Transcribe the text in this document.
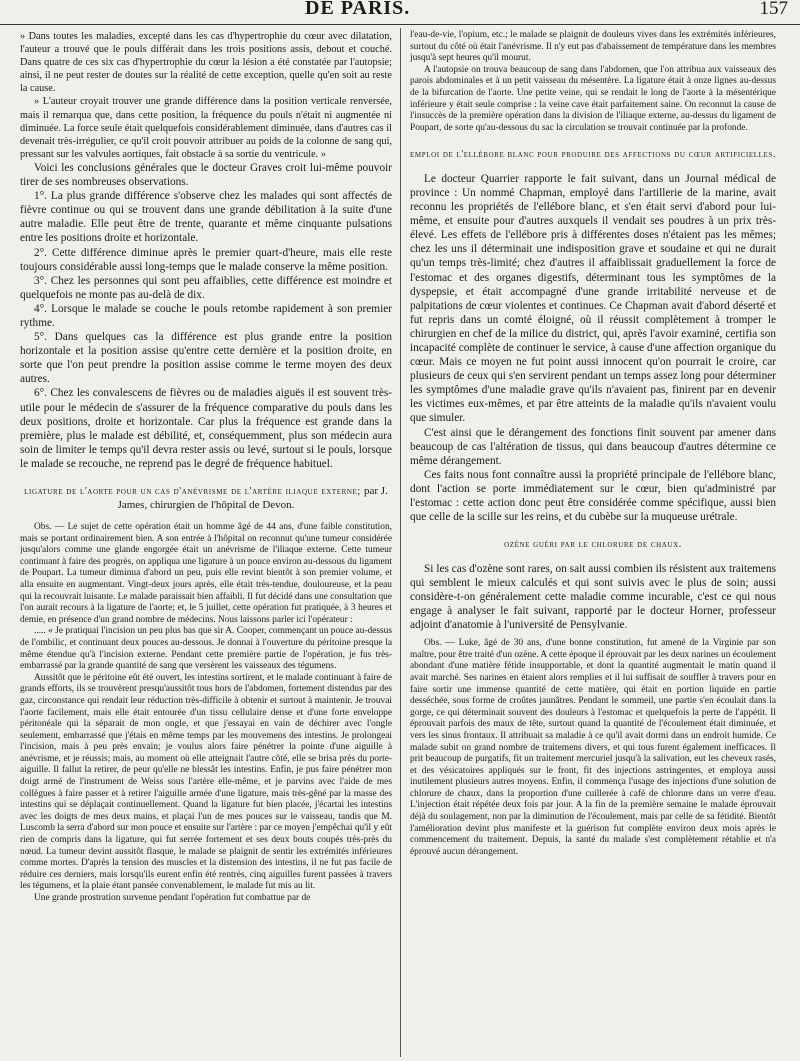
DE PARIS.	157

» Dans toutes les maladies, excepté dans les cas d'hypertrophie du cœur avec dilatation, l'auteur a trouvé que le pouls différait dans les trois positions assis, debout et couché. Dans quatre de ces six cas d'hypertrophie du cœur la lésion a été constatée par l'autopsie; ainsi, il ne peut rester de doutes sur la réalité de cette exception, quelle qu'en soit au reste la cause.

» L'auteur croyait trouver une grande différence dans la position verticale renversée, mais il remarqua que, dans cette position, la fréquence du pouls n'était ni augmentée ni diminuée. La force seule était quelquefois considérablement diminuée, dans d'autres cas il devenait très-irrégulier, ce qu'il croit pouvoir attribuer au poids de la colonne de sang qui, pressant sur les valvules aortiques, fait obstacle à sa sortie du ventricule. »

Voici les conclusions générales que le docteur Graves croit lui-même pouvoir tirer de ses nombreuses observations.

1°. La plus grande différence s'observe chez les malades qui sont affectés de fièvre continue ou qui se trouvent dans une grande débilitation à la suite d'une autre maladie. Elle peut être de trente, quarante et même cinquante pulsations entre les positions droite et horizontale.

2°. Cette différence diminue après le premier quart-d'heure, mais elle reste toujours considérable aussi long-temps que le malade conserve la même position.

3°. Chez les personnes qui sont peu affaiblies, cette différence est moindre et quelquefois ne monte pas au-delà de dix.

4°. Lorsque le malade se couche le pouls retombe rapidement à son premier rythme.

5°. Dans quelques cas la différence est plus grande entre la position horizontale et la position assise qu'entre cette dernière et la position droite, en sorte que l'on peut prendre la position assise comme le terme moyen des deux autres.

6°. Chez les convalescens de fièvres ou de maladies aiguës il est souvent très-utile pour le médecin de s'assurer de la fréquence comparative du pouls dans les deux positions, droite et horizontale. Car plus la fréquence est grande dans la première, plus le malade est débilité, et, conséquemment, plus son médecin aura soin de limiter le temps qu'il devra rester assis ou levé, surtout si le pouls, lorsque le malade se recouche, ne reprend pas le degré de fréquence habituel.

ligature de l'aorte pour un cas d'anévrisme de l'artère iliaque externe; par J. James, chirurgien de l'hôpital de Devon.

Obs. — Le sujet de cette opération était un homme âgé de 44 ans, d'une faible constitution, mais se portant ordinairement bien. A son entrée à l'hôpital on reconnut qu'une tumeur considérée jusqu'alors comme une glande engorgée était un anévrisme de l'iliaque externe. Cette tumeur continuant à faire des progrès, on appliqua une ligature à un pouce environ au-dessous du ligament de Poupart. La tumeur diminua d'abord un peu, puis elle revint bientôt à son premier volume, et alla ensuite en augmentant. Vingt-deux jours après, elle était très-tendue, douloureuse, et la peau qui la recouvrait luisante. Le malade paraissait bien affaibli. Il fut décidé dans une consultation que l'on aurait recours à la ligature de l'aorte; et, le 5 juillet, cette opération fut pratiquée, à 3 heures et demie, en présence d'un grand nombre de médecins. Nous laissons parler ici l'opérateur :

..... « Je pratiquai l'incision un peu plus bas que sir A. Cooper, commençant un pouce au-dessus de l'ombilic, et continuant deux pouces au-dessous. Je donnai à l'ouverture du péritoine presque la même étendue qu'à l'incision externe. Pendant cette première partie de l'opération, je fus très-embarrassé par la grande quantité de sang que versèrent les vaisseaux des tégumens.

Aussitôt que le péritoine eût été ouvert, les intestins sortirent, et le malade continuant à faire de grands efforts, ils se trouvèrent presqu'aussitôt tous hors de l'abdomen, fortement distendus par des gaz, circonstance qui rendait leur réduction très-difficile à obtenir et surtout à maintenir. Je trouvai l'aorte facilement, mais elle était entourée d'un tissu cellulaire dense et d'une forte enveloppe péritonéale qui la séparait de mon ongle, et que j'essayai en vain de déchirer avec l'ongle seulement, embarrassé que j'étais en même temps par les mouvemens des intestins. Je prolongeai l'incision, mais à peu près envain; je voulus alors faire pénétrer la pointe d'une aiguille à anévrisme, et je réussis; mais, au moment où elle atteignait l'autre côté, elle se brisa près du porte-aiguille. Il fallut la retirer, de peur qu'elle ne blessât les intestins. Enfin, je pus faire pénétrer mon doigt armé de l'instrument de Weiss sous l'artère elle-même, et je parvins avec l'aide de mes collègues à faire passer et à retirer l'aiguille armée d'une ligature, mais très-gêné par la masse des intestins qui se déplaçait continuellement. Quand la ligature fut bien placée, j'écartai les intestins avec les doigts de mes deux mains, et plaçai l'un de mes pouces sur le vaisseau, tandis que M. Luscomb la serra d'abord sur mon pouce et ensuite sur l'artère : par ce moyen j'empêchai qu'il y eût rien de compris dans la ligature, qui fut serrée fortement et ses deux bouts coupés très-près du nœud. La tumeur devint aussitôt flasque, le malade se plaignit de sentir les extrémités inférieures comme mortes. D'après la tension des muscles et la distension des intestins, il ne fut pas facile de réduire ces derniers, mais lorsqu'ils eurent enfin été rentrés, cinq aiguilles furent passées à travers les tégumens, et la plaie étant pansée convenablement, le malade fut mis au lit.

Une grande prostration survenue pendant l'opération fut combattue par de

l'eau-de-vie, l'opium, etc.; le malade se plaignit de douleurs vives dans les extrémités inférieures, surtout du côté où était l'anévrisme. Il n'y eut pas d'abaissement de température dans les membres jusqu'à sept heures qu'il mourut.

A l'autopsie on trouva beaucoup de sang dans l'abdomen, que l'on attribua aux vaisseaux des parois abdominales et à un petit vaisseau du mésentère. La ligature était à onze lignes au-dessus de la bifurcation de l'aorte. Une petite veine, qui se rendait le long de l'aorte à la mésentérique inférieure y était seule comprise : la veine cave était parfaitement saine. On reconnut la cause de l'insuccès de la première opération dans la division de l'iliaque externe, au-dessus du ligament de Poupart, de sorte qu'au-dessous du sac la circulation se trouvait continuée par la profonde.

emploi de l'ellébore blanc pour produire des affections du cœur artificielles.

Le docteur Quarrier rapporte le fait suivant, dans un Journal médical de province : Un nommé Chapman, employé dans l'artillerie de la marine, avait reconnu les propriétés de l'ellébore blanc, et s'en était servi d'abord pour lui-même, et ensuite pour d'autres auxquels il vendait ses poudres à un prix très-élevé. Les effets de l'ellébore pris à différentes doses n'étaient pas les mêmes; chez les uns il déterminait une indisposition grave et soudaine et qui ne durait qu'un temps très-limité; chez d'autres il affaiblissait graduellement la force de l'estomac et des organes digestifs, déterminant tous les symptômes de la dyspepsie, et était accompagné d'une grande irritabilité nerveuse et de palpitations de cœur violentes et continues. Ce Chapman avait d'abord déserté et fut repris dans un comté éloigné, où il réussit complètement à tromper le chirurgien en chef de la milice du district, qui, après l'avoir examiné, certifia son incapacité complète de continuer le service, à cause d'une affection organique du cœur. Mais ce moyen ne fut point aussi innocent qu'on pourrait le croire, car plusieurs de ceux qui s'en servirent pendant un temps assez long pour déterminer les symptômes d'une maladie grave qu'ils n'avaient pas, finirent par en devenir les victimes eux-mêmes, et par être atteints de la maladie qu'ils n'avaient voulu que simuler.

C'est ainsi que le dérangement des fonctions finit souvent par amener dans beaucoup de cas l'altération de tissus, qui dans beaucoup d'autres détermine ce même dérangement.

Ces faits nous font connaître aussi la propriété principale de l'ellébore blanc, dont l'action se porte immédiatement sur le cœur, bien qu'administré par l'estomac : cette action donc peut être considérée comme spécifique, aussi bien que celle de la scille sur les reins, et du cubèbe sur la muqueuse urétrale.

ozène guéri par le chlorure de chaux.

Si les cas d'ozène sont rares, on sait aussi combien ils résistent aux traitemens qui semblent le mieux calculés et qui sont suivis avec le plus de soin; aussi considère-t-on généralement cette maladie comme incurable, c'est ce qui nous engage à analyser le fait suivant, rapporté par le docteur Horner, professeur adjoint d'anatomie à l'université de Pensylvanie.

Obs. — Luke, âgé de 30 ans, d'une bonne constitution, fut amené de la Virginie par son maître, pour être traité d'un ozène. A cette époque il éprouvait par les deux narines un écoulement abondant d'une matière fétide insupportable, et dont la quantité augmentait le matin quand il avait marché. Ses narines en étaient alors remplies et il lui suffisait de souffler à travers pour en faire sortir une immense quantité de cette matière, qui était en portion liquide en partie desséchée, sous forme de croûtes jaunâtres. Pendant le sommeil, une partie s'en écoulait dans la gorge, ce qui déterminait souvent des douleurs à l'estomac et quelquefois la perte de l'appétit. Il éprouvait parfois des maux de tête, surtout quand la quantité de l'écoulement était diminuée, et vers les sinus frontaux. Il attribuait sa maladie à ce qu'il avait dormi dans un endroit humide. Ce malade subit on grand nombre de traitemens divers, et qui tous furent également inefficaces. Il prit beaucoup de purgatifs, fit un traitement mercuriel jusqu'à la salivation, eut les cheveux rasés, et des vésicatoires appliqués sur le front, fit des injections astringentes, et employa aussi inutilement plusieurs autres moyens. Enfin, il commença l'usage des injections d'une solution de chlorure de chaux, dans la proportion d'une cuillerée à café de chlorure dans un verre d'eau. L'injection était répétée deux fois par jour. A la fin de la première semaine le malade éprouvait déjà du soulagement, non par la diminution de l'écoulement, mais par celle de sa fétidité. Bientôt l'amélioration devint plus manifeste et la guérison fut complète environ deux mois après le commencement du traitement. Depuis, la santé du malade s'est complètement rétablie et n'a éprouvé aucun dérangement.
